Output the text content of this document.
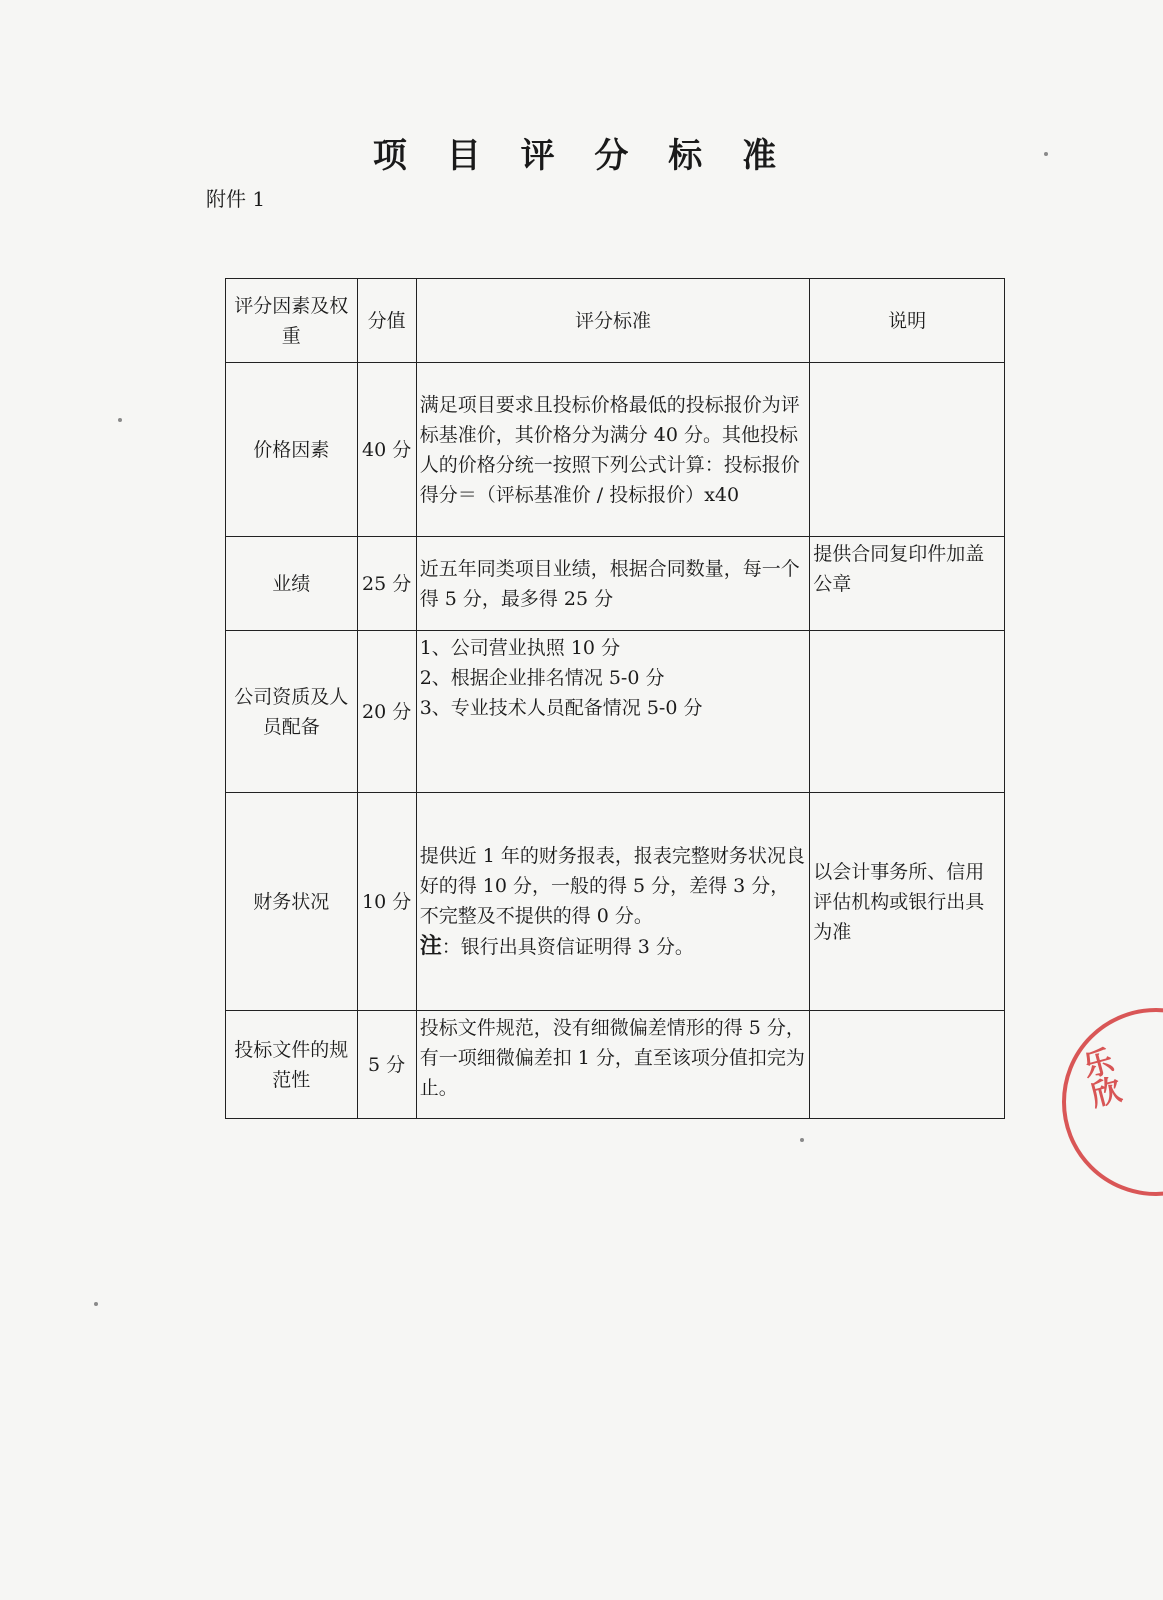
项 目 评 分 标 准
附件 1
评分因素及权重	分值	评分标准	说明
价格因素	40 分	满足项目要求且投标价格最低的投标报价为评标基准价，其价格分为满分 40 分。其他投标人的价格分统一按照下列公式计算：投标报价得分＝（评标基准价 / 投标报价）x40	
业绩	25 分	近五年同类项目业绩，根据合同数量，每一个得 5 分，最多得 25 分	提供合同复印件加盖公章
公司资质及人员配备	20 分	1、公司营业执照 10 分
2、根据企业排名情况 5-0 分
3、专业技术人员配备情况 5-0 分	

财务状况	10 分	提供近 1 年的财务报表，报表完整财务状况良好的得 10 分，一般的得 5 分，差得 3 分，不完整及不提供的得 0 分。
注：银行出具资信证明得 3 分。	以会计事务所、信用评估机构或银行出具为准
投标文件的规范性	5 分	投标文件规范，没有细微偏差情形的得 5 分，有一项细微偏差扣 1 分，直至该项分值扣完为止。		乐欣
